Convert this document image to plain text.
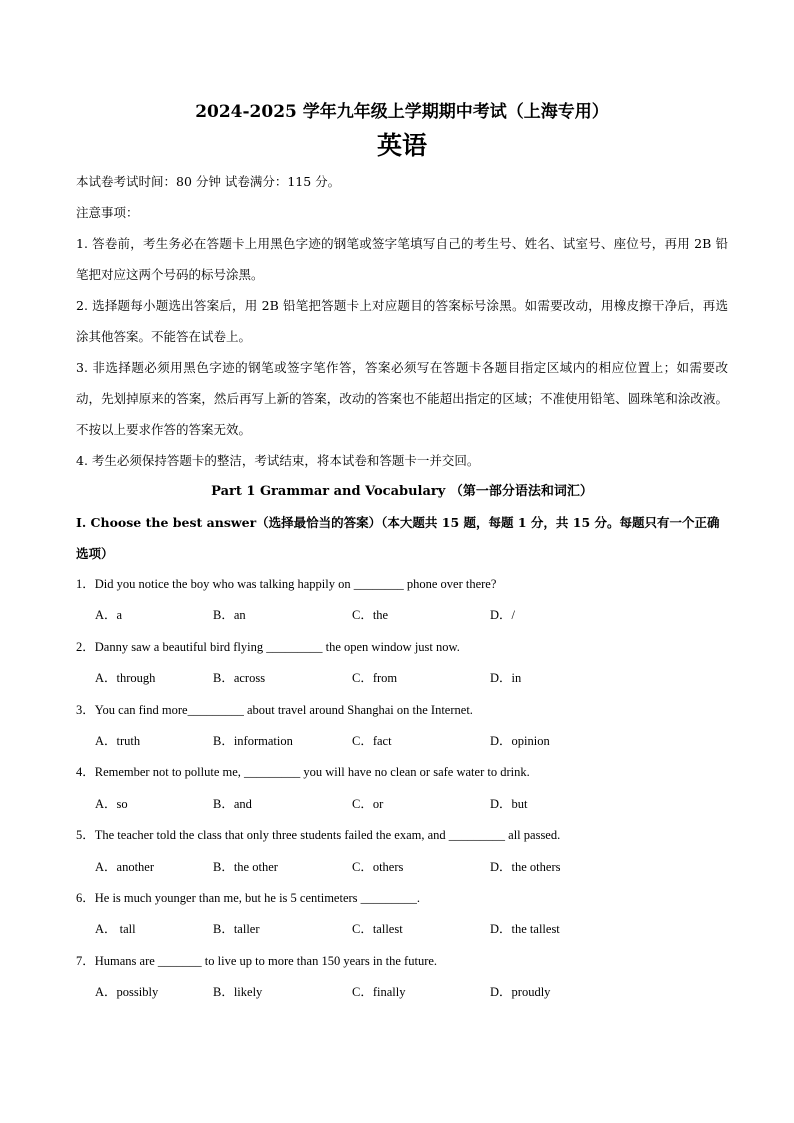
2024-2025 学年九年级上学期期中考试（上海专用）

英语

本试卷考试时间：80 分钟 试卷满分：115 分。

注意事项：

1. 答卷前，考生务必在答题卡上用黑色字迹的钢笔或签字笔填写自己的考生号、姓名、试室号、座位号，再用 2B 铅笔把对应这两个号码的标号涂黑。

2. 选择题每小题选出答案后，用 2B 铅笔把答题卡上对应题目的答案标号涂黑。如需要改动，用橡皮擦干净后，再选涂其他答案。不能答在试卷上。

3. 非选择题必须用黑色字迹的钢笔或签字笔作答，答案必须写在答题卡各题目指定区域内的相应位置上；如需要改动，先划掉原来的答案，然后再写上新的答案，改动的答案也不能超出指定的区域；不准使用铅笔、圆珠笔和涂改液。不按以上要求作答的答案无效。

4. 考生必须保持答题卡的整洁，考试结束，将本试卷和答题卡一并交回。

Part 1 Grammar and Vocabulary （第一部分语法和词汇）

I. Choose the best answer（选择最恰当的答案）（本大题共 15 题，每题 1 分，共 15 分。每题只有一个正确选项）

1．Did you notice the boy who was talking happily on ________ phone over there?

A．a	B．an	C．the	D．/

2．Danny saw a beautiful bird flying _________ the open window just now.

A．through	B．across	C．from	D．in

3．You can find more_________ about travel around Shanghai on the Internet.

A．truth	B．information	C．fact	D．opinion

4．Remember not to pollute me, _________ you will have no clean or safe water to drink.

A．so	B．and	C．or	D．but

5．The teacher told the class that only three students failed the exam, and _________ all passed.

A．another	B．the other	C．others	D．the others

6．He is much younger than me, but he is 5 centimeters _________.

A． tall	B．taller	C．tallest	D．the tallest

7．Humans are _______ to live up to more than 150 years in the future.

A．possibly	B．likely	C．finally	D．proudly
